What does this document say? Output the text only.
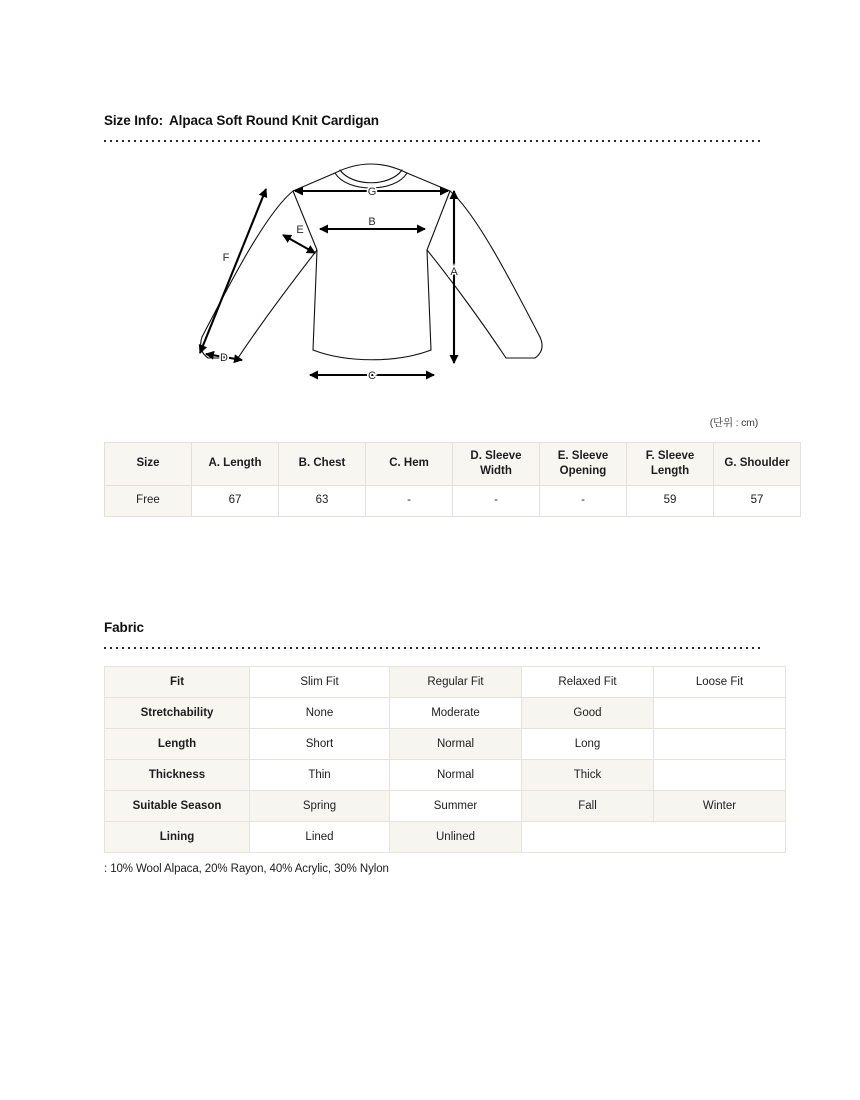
Size Info: Alpaca Soft Round Knit Cardigan
G
B
C
A
E
F
D
(단위 : cm)
Size	A. Length	B. Chest	C. Hem	D. Sleeve Width	E. Sleeve Opening	F. Sleeve Length	G. Shoulder
Free	67	63	-	-	-	59	57
Fabric
Fit	Slim Fit	Regular Fit	Relaxed Fit	Loose Fit
Stretchability	None	Moderate	Good	
Length	Short	Normal	Long	
Thickness	Thin	Normal	Thick	
Suitable Season	Spring	Summer	Fall	Winter
Lining	Lined	Unlined		
: 10% Wool Alpaca, 20% Rayon, 40% Acrylic, 30% Nylon
